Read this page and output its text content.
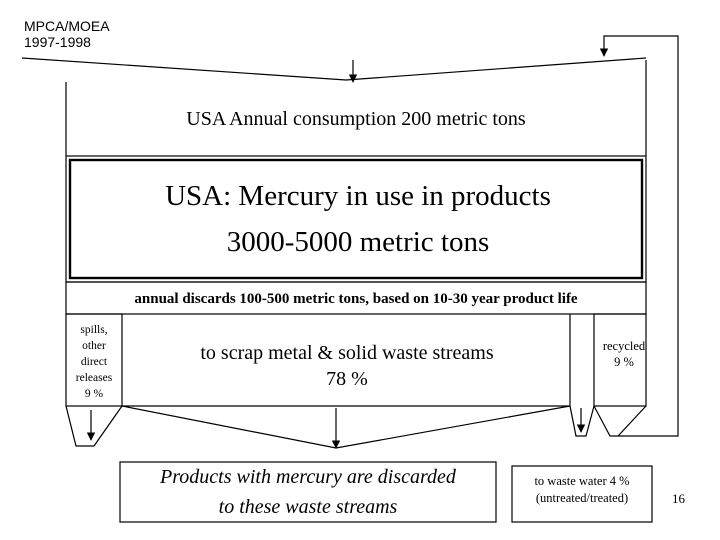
MPCA/MOEA
1997-1998
USA Annual consumption 200 metric tons
USA: Mercury in use in products
3000-5000 metric tons
annual discards 100-500 metric tons, based on 10-30 year product life
spills,
other
direct
releases
9 %
to scrap metal & solid waste streams
78 %
recycled
9 %
Products with mercury are discarded
to these waste streams
to waste water 4 %
(untreated/treated)	16
